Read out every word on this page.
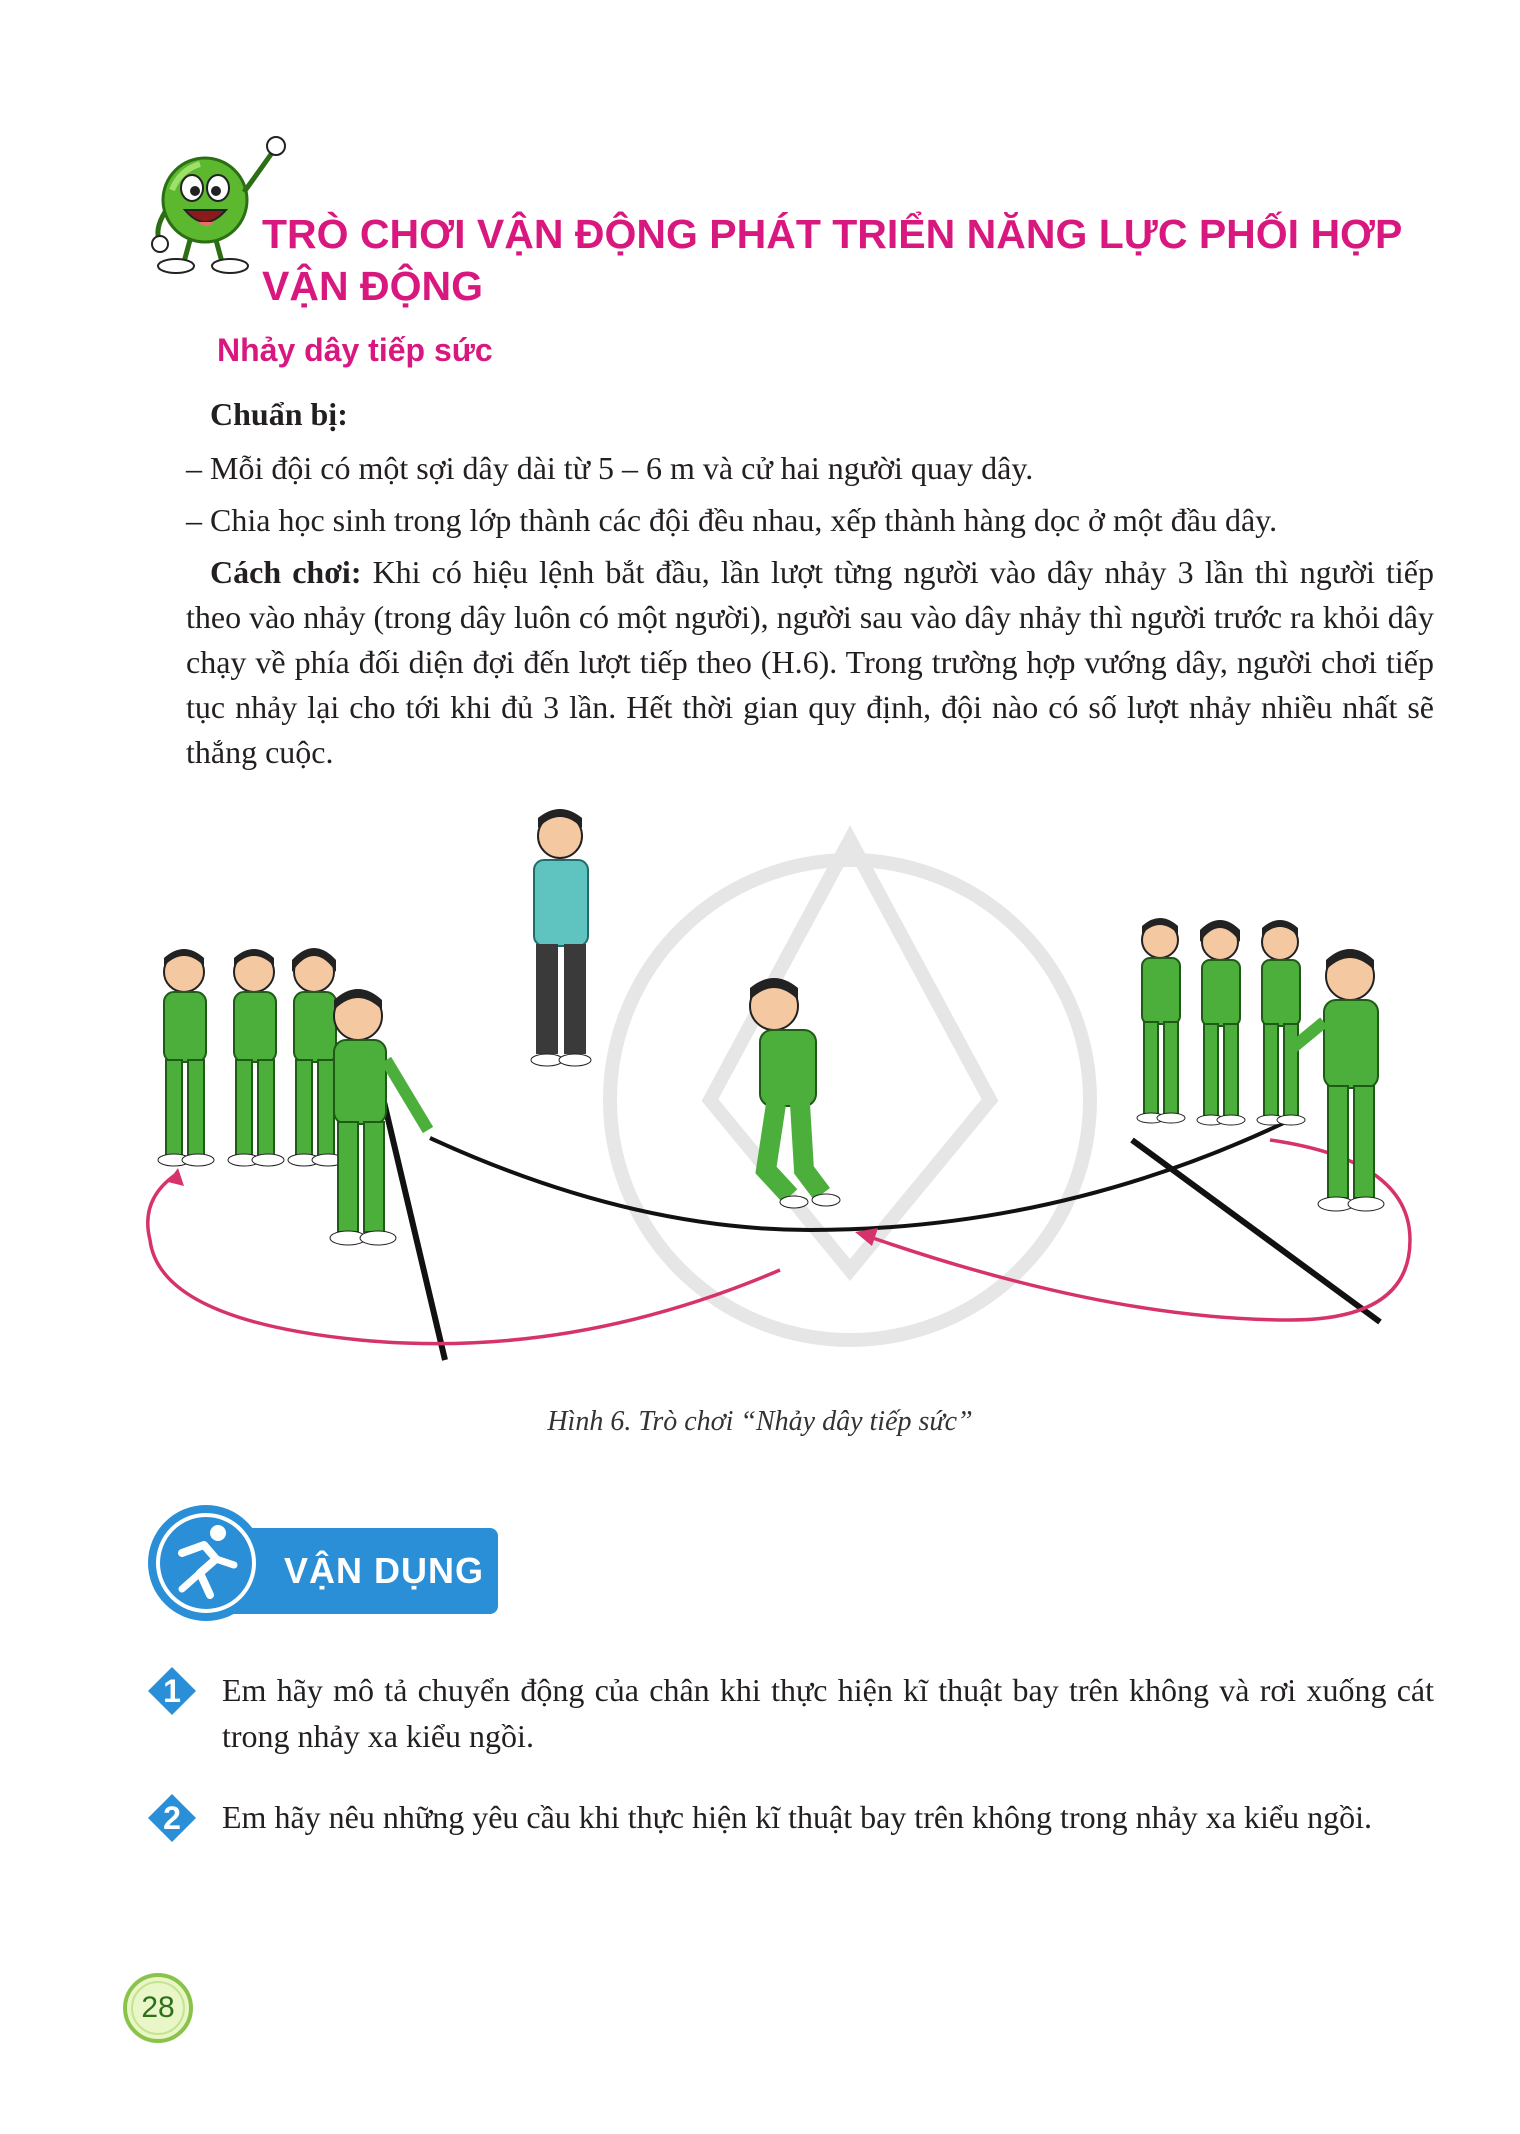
TRÒ CHƠI VẬN ĐỘNG PHÁT TRIỂN NĂNG LỰC PHỐI HỢP VẬN ĐỘNG
Nhảy dây tiếp sức

Chuẩn bị:

– Mỗi đội có một sợi dây dài từ 5 – 6 m và cử hai người quay dây.

– Chia học sinh trong lớp thành các đội đều nhau, xếp thành hàng dọc ở một đầu dây.

Cách chơi: Khi có hiệu lệnh bắt đầu, lần lượt từng người vào dây nhảy 3 lần thì người tiếp theo vào nhảy (trong dây luôn có một người), người sau vào dây nhảy thì người trước ra khỏi dây chạy về phía đối diện đợi đến lượt tiếp theo (H.6). Trong trường hợp vướng dây, người chơi tiếp tục nhảy lại cho tới khi đủ 3 lần. Hết thời gian quy định, đội nào có số lượt nhảy nhiều nhất sẽ thắng cuộc.

Hình 6. Trò chơi “Nhảy dây tiếp sức”
VẬN DỤNG
1	Em hãy mô tả chuyển động của chân khi thực hiện kĩ thuật bay trên không và rơi xuống cát trong nhảy xa kiểu ngồi.

2	Em hãy nêu những yêu cầu khi thực hiện kĩ thuật bay trên không trong nhảy xa kiểu ngồi.

28
